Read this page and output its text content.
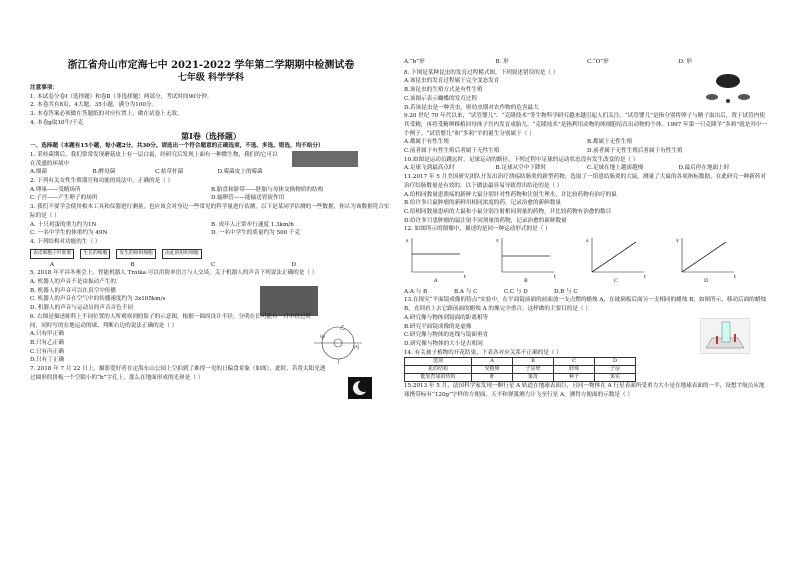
浙江省舟山市定海七中 2021-2022 学年第二学期期中检测试卷
七年级 科学学科

注意事项：

1. 本试卷分卷Ⅰ（选择题）和卷Ⅱ（非选择题）两部分，考试时间90分钟。

2. 本卷共有8页，4大题，35小题，满分为100分。

3. 本卷答案必须做在答题纸的对应位置上，做在试卷上无效。

4. 本卷g取10牛/千克

第Ⅰ卷（选择题）

一、选择题（本题有15小题，每小题2分，共30分。请选出一个符合题意的正确选项，不选、多选、错选，均不给分）

1. 采桂菌期后，我们常常发现蘑菇皮上有一层白霜，经研究后发现上面有一种微生物，我们的它可以在茂盛的环境中

A.细菌	B.酵母菌	C.枯草杆菌	D.霉菌皮上的霉菌

2. 下列有关女性生殖器官和功能的说法中，正确的是（ ）

A.卵巢——受精场所	B.胎盘和脐带——胚胎与母体交换物质的结构
C.子宫——产生卵子的场所	D.输卵管——能输送胃液作用

3. 我们不要学会使用根本工具和仪器进行测量，也应该会对身边一些常见的科学量进行估测，以下是某同学估测的一些数据，你认为该数据符合实际的是（ ）

A. 十只鸡蛋的重力约为1N	B. 成年人正常步行速度 1.3km/h
C. 一名中学生的体重约为 49N	D. 一名中学生的质量约为 500 千克

4. 下列结构对功能的生（ ）

表皮细胞子叶胚胎	生长的细胞	发生的组织细胞	由此的组织细胞
A	B	C	D

5. 2018 年平昌冬奥会上，智能机器人 Troika 可以用简单语言与人交谈，关于机器人的声音下列说法正确的是（ ）

A. 机器人的声音不是由振动产生的

B. 机器人的声音可以在真空中传播

C. 机器人的声音在空气中的传播速度约为 3x105km/s

D. 机器人的声音与运动员的声音音色不同

6. 右图是描述蛙科上不同位置的人所观察到的影子的示意图，根据一圆周设计半径，分明在长可能有一月中经过时间，同时写的在地运动的球，判断右边的说法正确的是（ ）

甲
乙
丙
丁

A.只有甲正确

B.只有乙正确

C.只有丙正确

D.只有丁正确

7. 2018 年 7 月 22 日上，摄影爱好者在定海东山公园上空拍到了难得一见的日偏食景象（如图），此时，若将太阳光透过圆形的拼板一个空隙小的“b”字孔上，那么在地面形成的光斑是（ ）

A.“b”形	B. 形	C.“O”形	D. 形

8. 下图是某种昆虫的发育过程模式图，下列叙述错误的是（ ）

A.该昆虫的发育过程属于完全变态发育

B.该昆虫的生殖方式是有性生殖

C.该图示表示蝴蝶的发育过程

D.若该昆虫是一种害虫，则幼虫期对农作物的危害最大

9.20 世纪 70 年代以来，“试管婴儿”、“克隆技术”等生物科学研究越来越引起人们关注。“试管婴儿”是指分别将卵子与精子取出后，置于试管内使其受精，再将受精卵移植回母体子宫内发育成胎儿。“克隆技术”是指利用动物的体细胞培育出动物的个体。1997 年第一只克隆羊“多莉”就是其中一个例子。“试管婴儿”和“多莉”羊的诞生分别属于（ ）

A.都属于有性生殖	B.都属于无性生殖
C.前者属于有性生殖后者属于无性生殖	D.前者属于无性生殖后者属于有性生殖

10.如图是运动员跳远时，足球运动的路径，下列过程中足球的运动状态没有发生改变的是（ ）

A.足球飞到最高点时	B.足球从空中下降时	C.足球在地上越滚越慢	D.最后停在地面上时

11.2017 年 5 月美国研究团队开发出治疗溃疡结肠炎的新型药物，选取了一组患结肠炎的大鼠，测量了大鼠的各项指标数据，在此研究一种新药对治疗结肠数量是有效的，以下做法最容易导致得出结论的是（ ）

A.给相同数量患溃疡的新鲜大鼠分别针对性药物和注射生理水，并比较药物有治疗的鼠

B.给许多只鼠肿瘤的新鲜用相同浓度的药，记录治愈的新鲜数量

C.给相同数量患病的大鼠和小鼠分别注射相同剂量的药物，并比较药物有治愈的数目

D.给许多只患肿瘤的鼠注射不同剂量的药物，记录治愈的新鲜数量

12. 如图所示的图像中，描述的是同一种运动形式的是（ ）

s
t
A
v
t
B
s
t
C
v
t
D
A.A 与 B	B.A 与 C	C.C 与 D	D.B 与 C

13.在探究“平面镜成像的特点”实验中，在平面镜前面的前面放一支点燃的蜡烛 A，在玻璃板后面另一支相同的蜡烛 B，如图所示，移动后面的蜡烛 B，直到看上去它跟前面的蜡烛 A 的像完全重合。这样做的主要目的是（ ）

A.研究像与物体到镜面的距离相等

B.研究平面镜成像的是虚像

C.研究像与物体的连线与镜面垂直

D.研究像与物体的大小是否相同

14. 有关被子植物的开花结果，下表各对应关系不正确的是（ ）

选项	A	B	C	D
花的结构	受精卵	子房壁	胚珠	子房
能发育成的结构	胚	果皮	种子	果实

15.2013 年 5 月，法国科学家发现一颗行星 A 轨道在地球表面巨，且同一物体在 A 行星表面所受重力大小是在地球表面的一半，设想宇航员从地球携带标有“120g”字样的方便面、天平和弹簧测力计飞至行星 A，测得方便面的示数是（ ）
